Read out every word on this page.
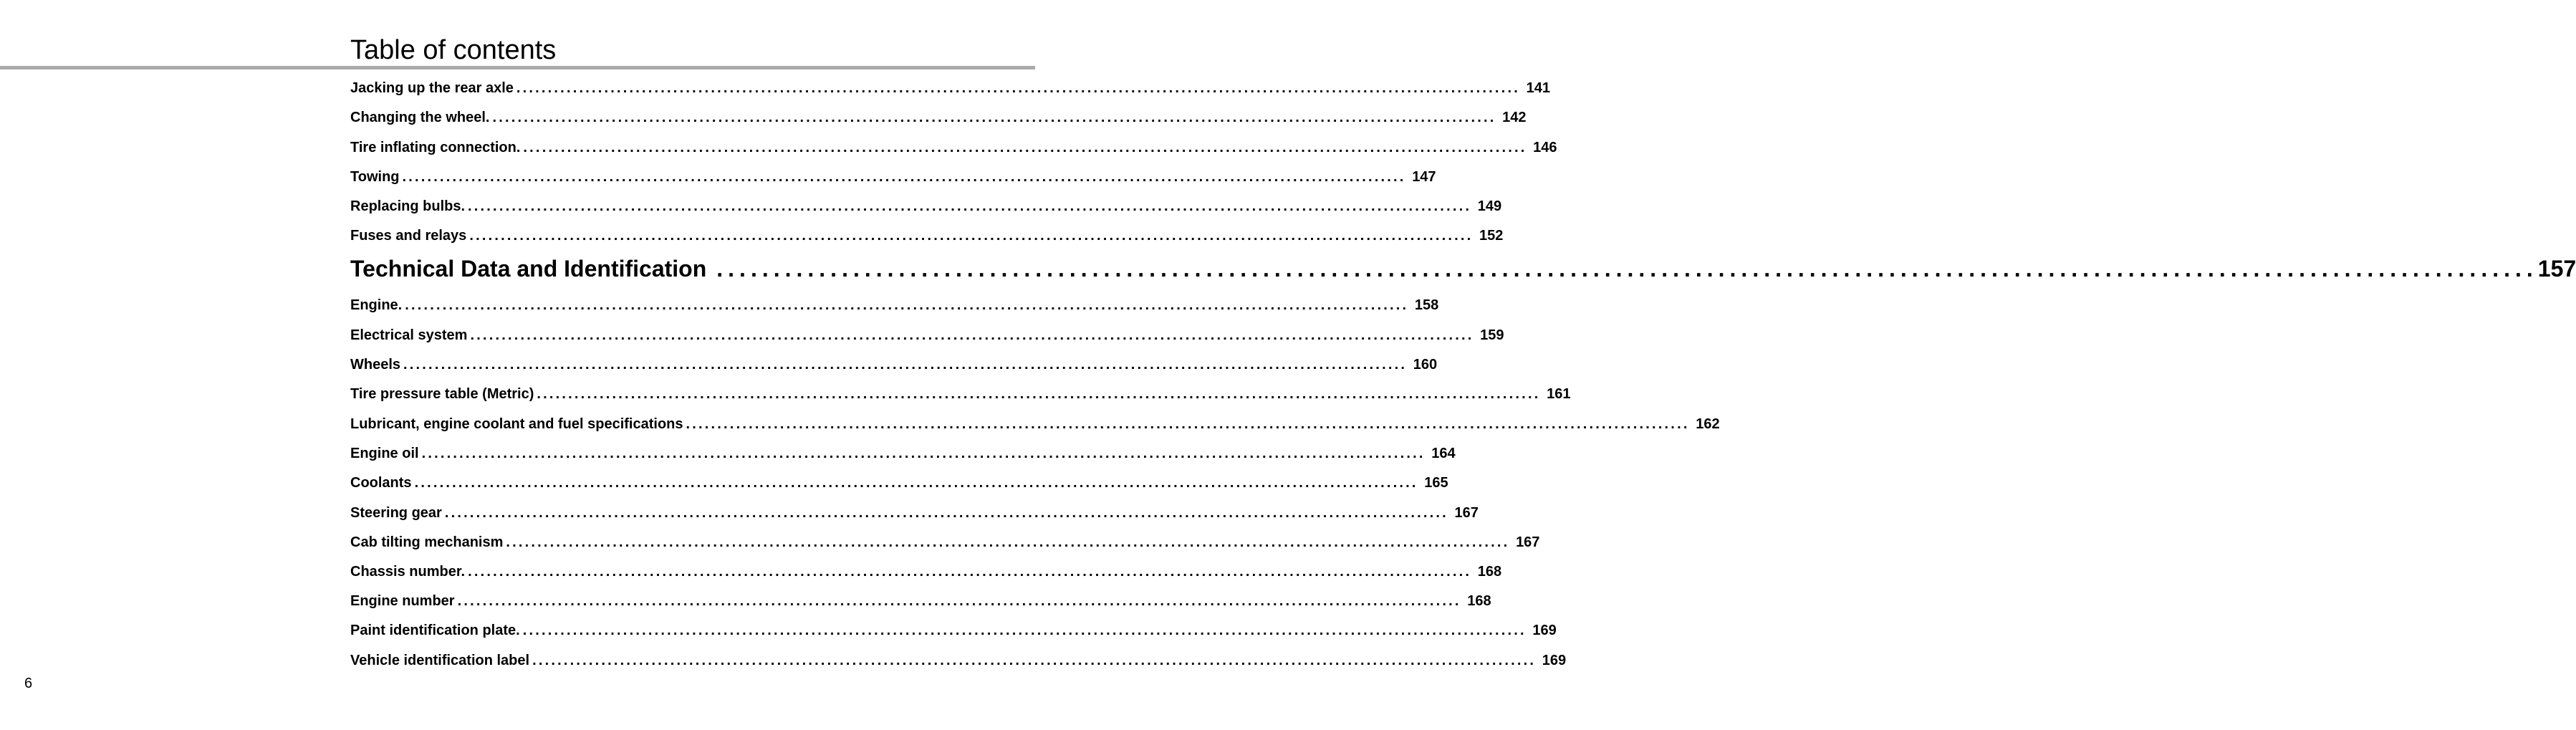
Table of contents
Jacking up the rear axle ................................................................................................................................................................ 141
Changing the wheel. ................................................................................................................................................................ 142
Tire inflating connection. ................................................................................................................................................................ 146
Towing ................................................................................................................................................................ 147
Replacing bulbs. ................................................................................................................................................................ 149
Fuses and relays ................................................................................................................................................................ 152
Technical Data and Identification ................................................................................................................................................................ 157
Engine. ................................................................................................................................................................ 158
Electrical system ................................................................................................................................................................ 159
Wheels ................................................................................................................................................................ 160
Tire pressure table (Metric) ................................................................................................................................................................ 161
Lubricant, engine coolant and fuel specifications ................................................................................................................................................................ 162
Engine oil ................................................................................................................................................................ 164
Coolants ................................................................................................................................................................ 165
Steering gear ................................................................................................................................................................ 167
Cab tilting mechanism ................................................................................................................................................................ 167
Chassis number. ................................................................................................................................................................ 168
Engine number ................................................................................................................................................................ 168
Paint identification plate. ................................................................................................................................................................ 169
Vehicle identification label ................................................................................................................................................................ 169
6
